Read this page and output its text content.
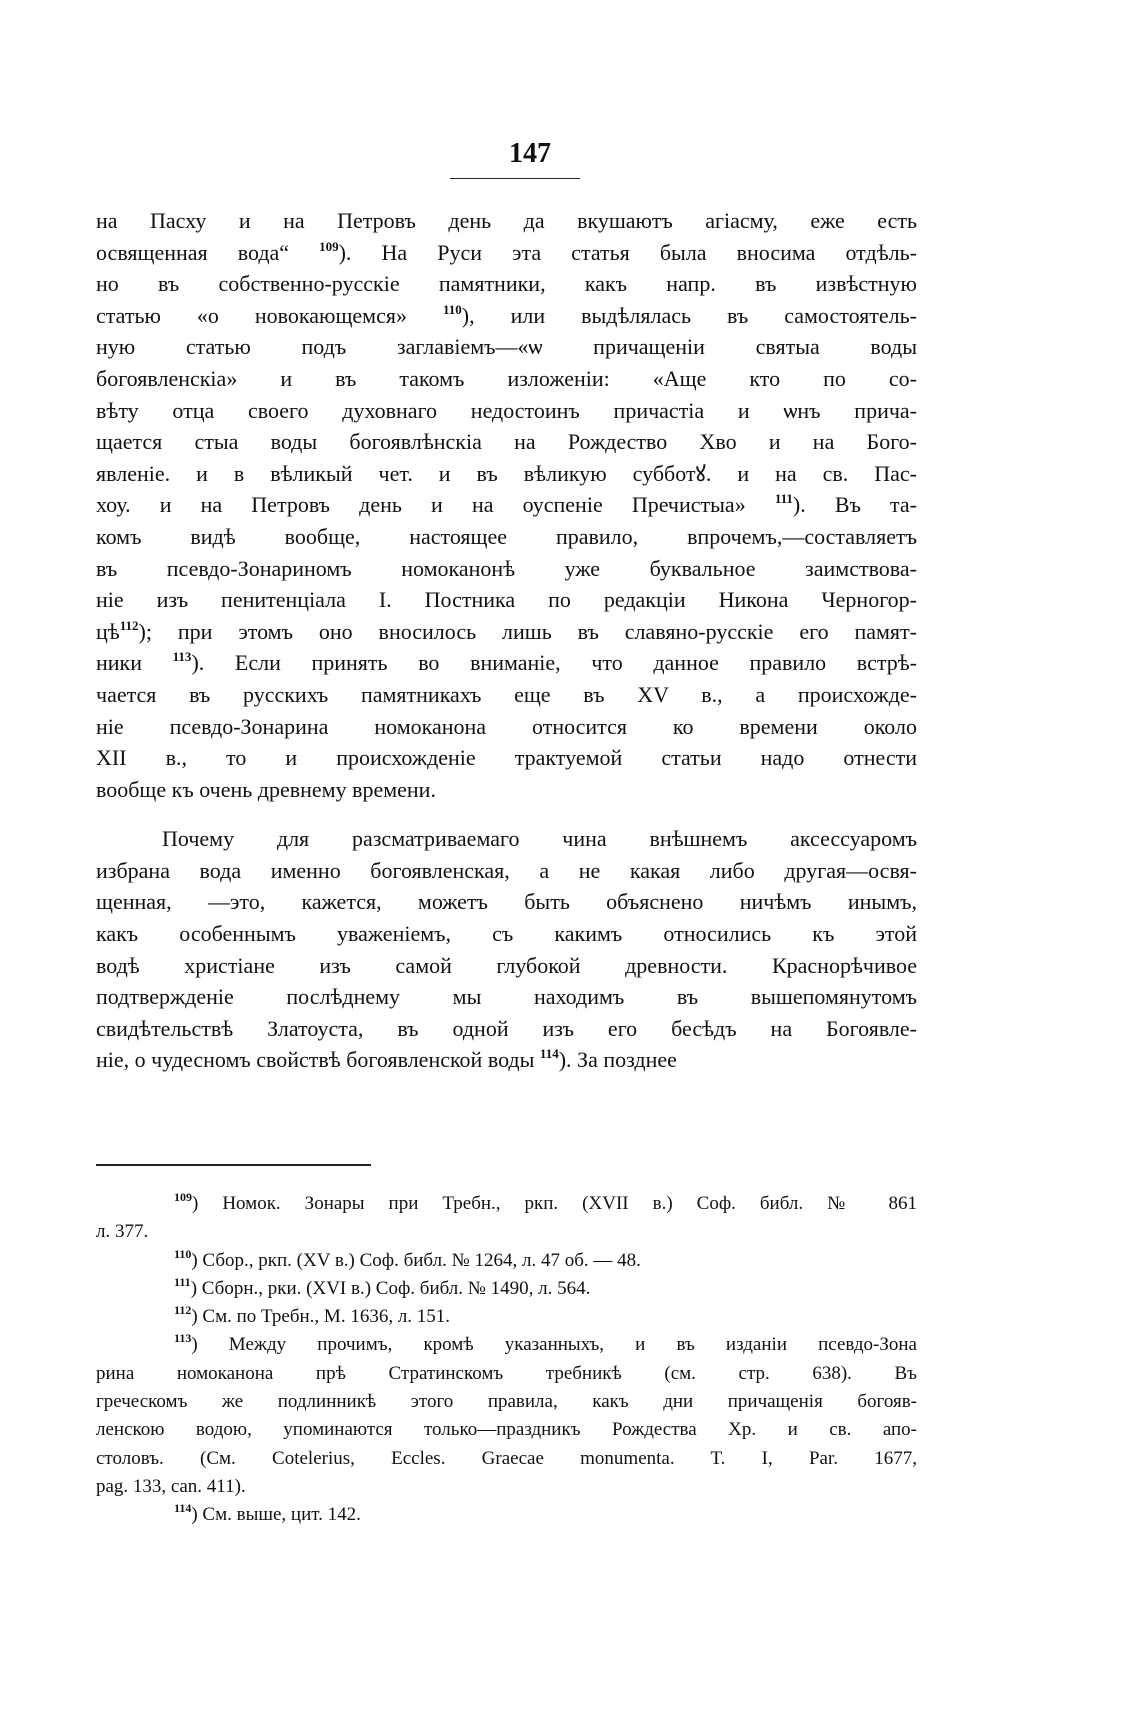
147

на Пасху и на Петровъ день да вкушаютъ агіасму, еже есть
освященная вода“ $^{109}$). На Руси эта статья была вносима отдѣль-
но въ собственно-русскіе памятники, какъ напр. въ извѣстную
статью «о новокающемся» $^{110}$), или выдѣлялась въ самостоятель-
ную статью подъ заглавіемъ—«ѡ причащеніи святыа воды
богоявленскіа» и въ такомъ изложеніи: «Аще кто по со-
вѣту отца своего духовнаго недостоинъ причастіа и ѡнъ прича-
щается стыа воды богоявлѣнскіа на Рождество Хво и на Бого-
явленіе. и в вѣликый чет. и въ вѣликую субботꙋ. и на св. Пас-
хоу. и на Петровъ день и на оуспеніе Пречистыа» $^{111}$). Въ та-
комъ видѣ вообще, настоящее правило, впрочемъ,—составляетъ
въ псевдо-Зонариномъ номоканонѣ уже буквальное заимствова-
ніе изъ пенитенціала І. Постника по редакціи Никона Черногор-
$цѣ^{112}$); при этомъ оно вносилось лишь въ славяно-русскіе его памят-
ники $^{113}$). Если принять во вниманіе, что данное правило встрѣ-
чается въ русскихъ памятникахъ еще въ XV в., а происхожде-
ніе псевдо-Зонарина номоканона относится ко времени около
XII в., то и происхожденіе трактуемой статьи надо отнести
вообще къ очень древнему времени.

Почему для разсматриваемаго чина внѣшнемъ аксессуаромъ
избрана вода именно богоявленская, а не какая либо другая—освя-
щенная, —это, кажется, можетъ быть объяснено ничѣмъ инымъ,
какъ особеннымъ уваженіемъ, съ какимъ относились къ этой
водѣ христіане изъ самой глубокой древности. Краснорѣчивое
подтвержденіе послѣднему мы находимъ въ вышепомянутомъ
свидѣтельствѣ Златоуста, въ одной изъ его бесѣдъ на Богоявле-
ніе, о чудесномъ свойствѣ богоявленской воды $^{114}$). За позднее

$^{109}$) Номок. Зонары при Требн., ркп. (XVII в.) Соф. библ. № 861
л. 377.
$^{110}$) Сбор., ркп. (XV в.) Соф. библ. № 1264, л. 47 об. — 48.
$^{111}$) Сборн., рки. (XVI в.) Соф. библ. № 1490, л. 564.
$^{112}$) См. по Требн., М. 1636, л. 151.
$^{113}$) Между прочимъ, кромѣ указанныхъ, и въ изданіи псевдо-Зона
рина номоканона прѣ Стратинскомъ требникѣ (см. стр. 638). Въ
греческомъ же подлинникѣ этого правила, какъ дни причащенія богояв-
ленскою водою, упоминаются только—праздникъ Рождества Хр. и св. апо-
столовъ. (См. Cotelerius, Eccles. Graecae monumenta. T. I, Par. 1677,
pag. 133, can. 411).
$^{114}$) См. выше, цит. 142.
